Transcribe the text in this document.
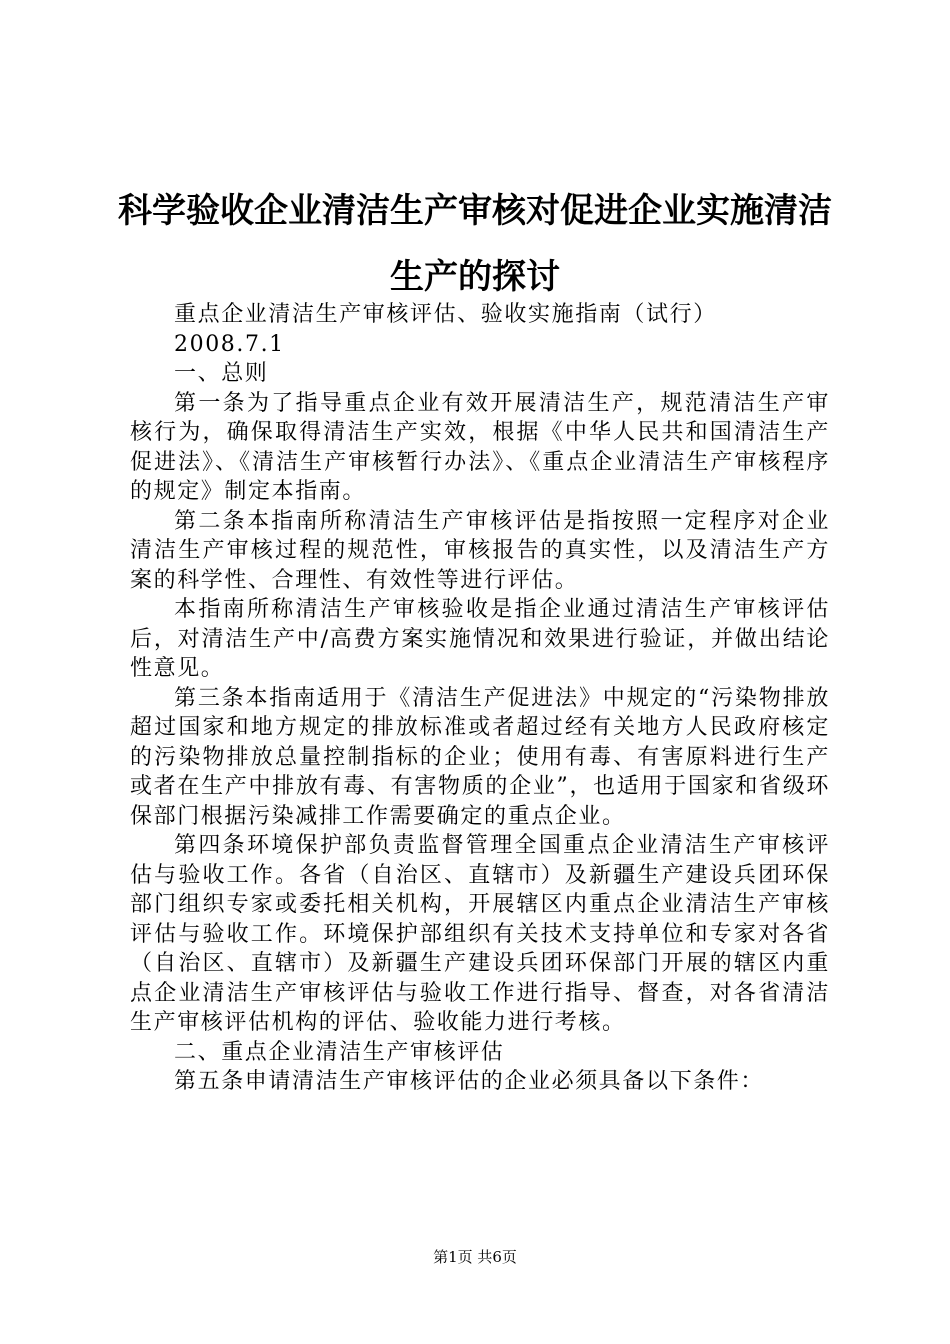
科学验收企业清洁生产审核对促进企业实施清洁生产的探讨

重点企业清洁生产审核评估、验收实施指南（试行）

2008.7.1

一、总则

第一条为了指导重点企业有效开展清洁生产，规范清洁生产审核行为，确保取得清洁生产实效，根据《中华人民共和国清洁生产促进法》、《清洁生产审核暂行办法》、《重点企业清洁生产审核程序的规定》制定本指南。

第二条本指南所称清洁生产审核评估是指按照一定程序对企业清洁生产审核过程的规范性，审核报告的真实性，以及清洁生产方案的科学性、合理性、有效性等进行评估。

本指南所称清洁生产审核验收是指企业通过清洁生产审核评估后，对清洁生产中/高费方案实施情况和效果进行验证，并做出结论性意见。

第三条本指南适用于《清洁生产促进法》中规定的“污染物排放超过国家和地方规定的排放标准或者超过经有关地方人民政府核定的污染物排放总量控制指标的企业；使用有毒、有害原料进行生产或者在生产中排放有毒、有害物质的企业”，也适用于国家和省级环保部门根据污染减排工作需要确定的重点企业。

第四条环境保护部负责监督管理全国重点企业清洁生产审核评估与验收工作。各省（自治区、直辖市）及新疆生产建设兵团环保部门组织专家或委托相关机构，开展辖区内重点企业清洁生产审核评估与验收工作。环境保护部组织有关技术支持单位和专家对各省（自治区、直辖市）及新疆生产建设兵团环保部门开展的辖区内重点企业清洁生产审核评估与验收工作进行指导、督查，对各省清洁生产审核评估机构的评估、验收能力进行考核。

二、重点企业清洁生产审核评估

第五条申请清洁生产审核评估的企业必须具备以下条件：

第1页 共6页
